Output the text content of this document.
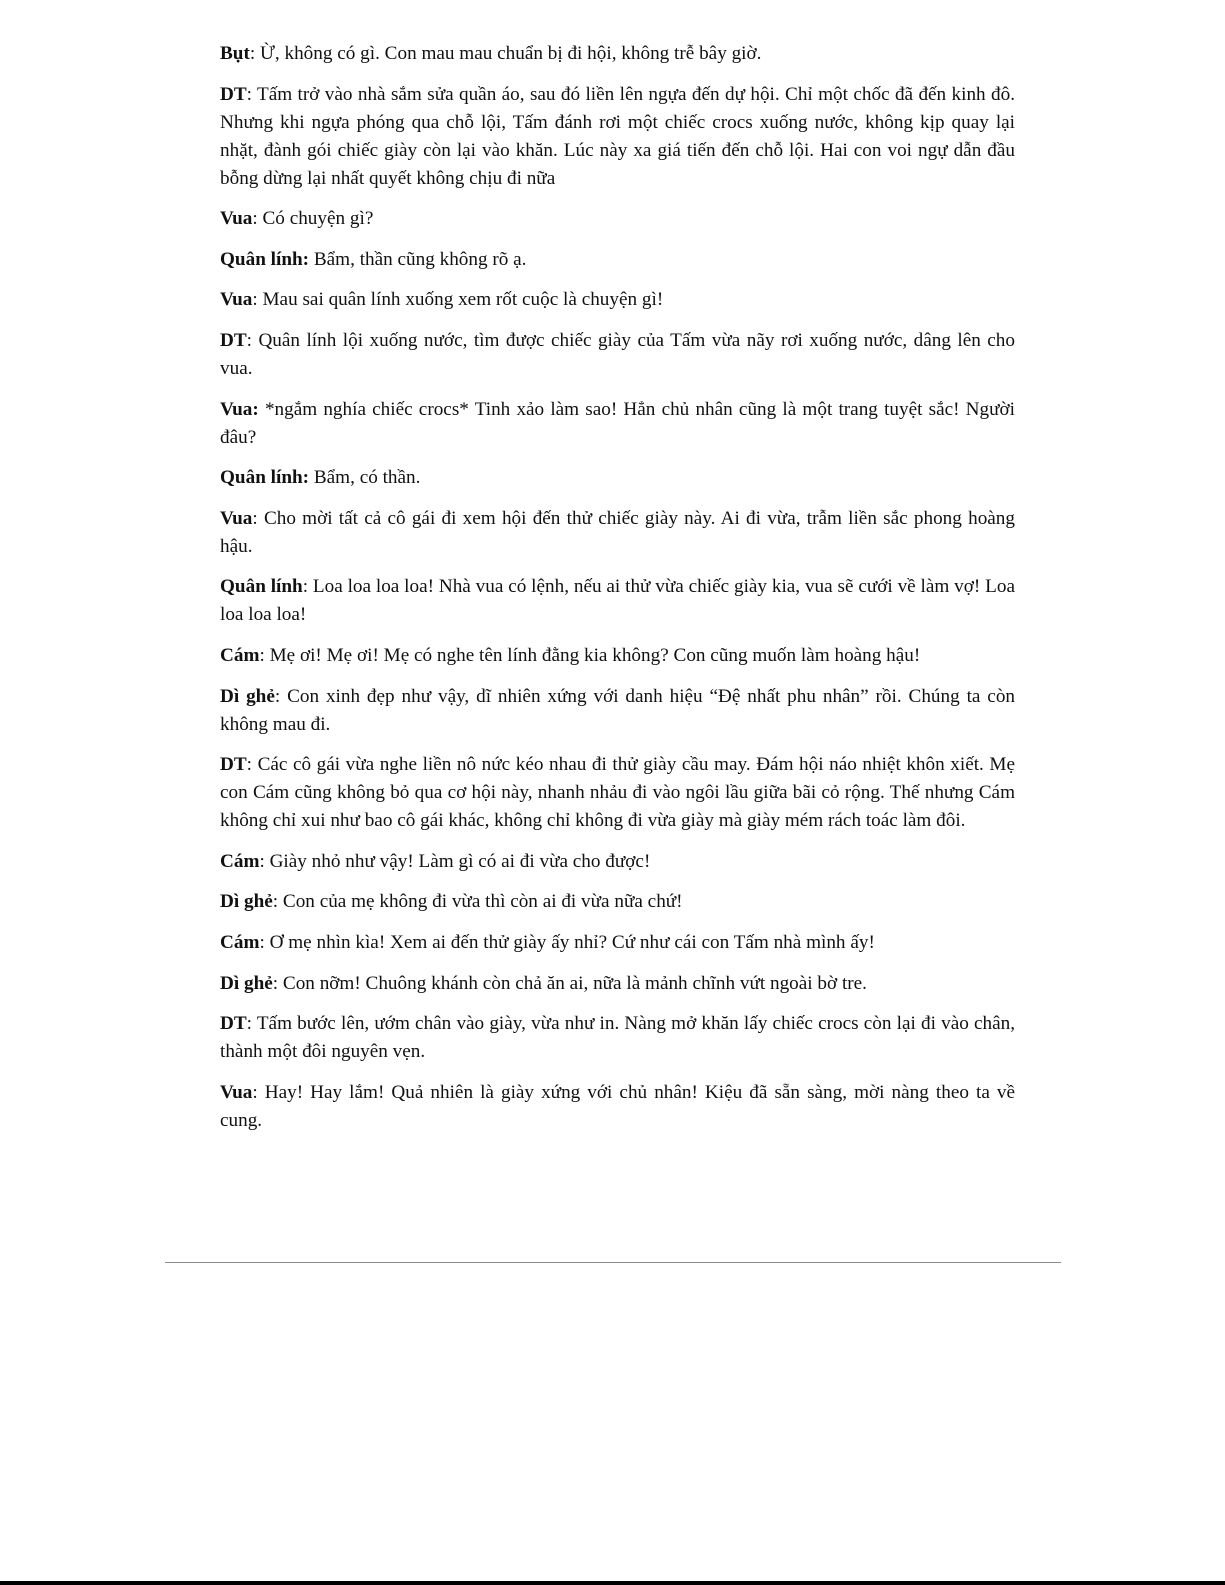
Bụt: Ừ, không có gì. Con mau mau chuẩn bị đi hội, không trễ bây giờ.

DT: Tấm trở vào nhà sắm sửa quần áo, sau đó liền lên ngựa đến dự hội. Chỉ một chốc đã đến kinh đô. Nhưng khi ngựa phóng qua chỗ lội, Tấm đánh rơi một chiếc crocs xuống nước, không kịp quay lại nhặt, đành gói chiếc giày còn lại vào khăn. Lúc này xa giá tiến đến chỗ lội. Hai con voi ngự dẫn đầu bỗng dừng lại nhất quyết không chịu đi nữa

Vua: Có chuyện gì?

Quân lính: Bẩm, thần cũng không rõ ạ.

Vua: Mau sai quân lính xuống xem rốt cuộc là chuyện gì!

DT: Quân lính lội xuống nước, tìm được chiếc giày của Tấm vừa nãy rơi xuống nước, dâng lên cho vua.

Vua: *ngắm nghía chiếc crocs* Tinh xảo làm sao! Hẳn chủ nhân cũng là một trang tuyệt sắc! Người đâu?

Quân lính: Bẩm, có thần.

Vua: Cho mời tất cả cô gái đi xem hội đến thử chiếc giày này. Ai đi vừa, trẫm liền sắc phong hoàng hậu.

Quân lính: Loa loa loa loa! Nhà vua có lệnh, nếu ai thử vừa chiếc giày kia, vua sẽ cưới về làm vợ! Loa loa loa loa!

Cám: Mẹ ơi! Mẹ ơi! Mẹ có nghe tên lính đằng kia không? Con cũng muốn làm hoàng hậu!

Dì ghẻ: Con xinh đẹp như vậy, dĩ nhiên xứng với danh hiệu “Đệ nhất phu nhân” rồi. Chúng ta còn không mau đi.

DT: Các cô gái vừa nghe liền nô nức kéo nhau đi thử giày cầu may. Đám hội náo nhiệt khôn xiết. Mẹ con Cám cũng không bỏ qua cơ hội này, nhanh nhảu đi vào ngôi lầu giữa bãi cỏ rộng. Thế nhưng Cám không chỉ xui như bao cô gái khác, không chỉ không đi vừa giày mà giày mém rách toác làm đôi.

Cám: Giày nhỏ như vậy! Làm gì có ai đi vừa cho được!

Dì ghẻ: Con của mẹ không đi vừa thì còn ai đi vừa nữa chứ!

Cám: Ơ mẹ nhìn kìa! Xem ai đến thử giày ấy nhỉ? Cứ như cái con Tấm nhà mình ấy!

Dì ghẻ: Con nỡm! Chuông khánh còn chả ăn ai, nữa là mảnh chĩnh vứt ngoài bờ tre.

DT: Tấm bước lên, ướm chân vào giày, vừa như in. Nàng mở khăn lấy chiếc crocs còn lại đi vào chân, thành một đôi nguyên vẹn.

Vua: Hay! Hay lắm! Quả nhiên là giày xứng với chủ nhân! Kiệu đã sẵn sàng, mời nàng theo ta về cung.
